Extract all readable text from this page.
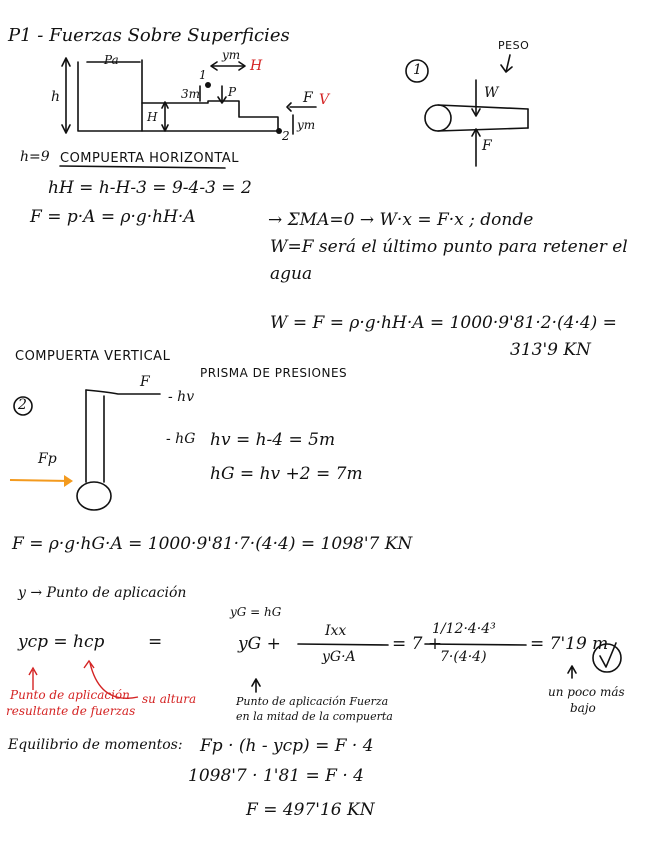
P1 - Fuerzas Sobre Superficies
h
Pa	ym
H
1
2
3m P	F V
H
ym
PESO
1
W
F
h=9 COMPUERTA HORIZONTAL
hH = h-H-3 = 9-4-3 = 2
F = p·A = ρ·g·hH·A	→ ΣMA=0 → W·x = F·x ; donde
W=F será el último punto para retener el
agua
W = F = ρ·g·hH·A = 1000·9'81·2·(4·4) =
313'9 KN
COMPUERTA VERTICAL
PRISMA DE PRESIONES
2
F
- hv
- hG
Fp
hv = h-4 = 5m
hG = hv +2 = 7m
F = ρ·g·hG·A = 1000·9'81·7·(4·4) = 1098'7 KN
y → Punto de aplicación
ycp = hcp	=
yG = hG
yG +
Ixx
yG·A
= 7 +
1/12·4·4³
7·(4·4)
= 7'19 m
Punto de aplicación
resultante de fuerzas
su altura	Punto de aplicación Fuerza
en la mitad de la compuerta
un poco más
bajo
Equilibrio de momentos: Fp · (h - ycp) = F · 4
1098'7 · 1'81 = F · 4
F = 497'16 KN
